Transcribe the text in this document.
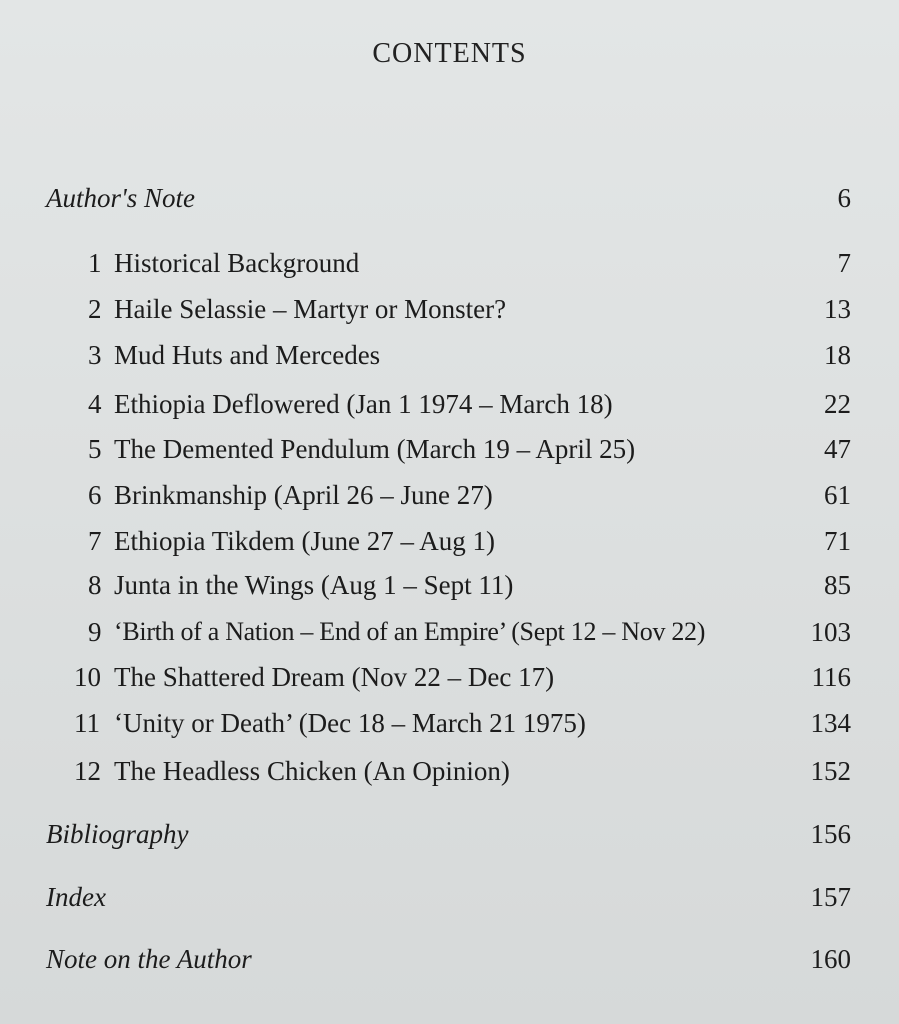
CONTENTS
Author's Note	6
1 Historical Background	7
2 Haile Selassie – Martyr or Monster?	13
3 Mud Huts and Mercedes	18
4 Ethiopia Deflowered (Jan 1 1974 – March 18)	22
5 The Demented Pendulum (March 19 – April 25)	47
6 Brinkmanship (April 26 – June 27)	61
7 Ethiopia Tikdem (June 27 – Aug 1)	71
8 Junta in the Wings (Aug 1 – Sept 11)	85
9 ‘Birth of a Nation – End of an Empire’ (Sept 12 – Nov 22)	103
10 The Shattered Dream (Nov 22 – Dec 17)	116
11 ‘Unity or Death’ (Dec 18 – March 21 1975)	134
12 The Headless Chicken (An Opinion)	152
Bibliography	156
Index	157
Note on the Author	160
